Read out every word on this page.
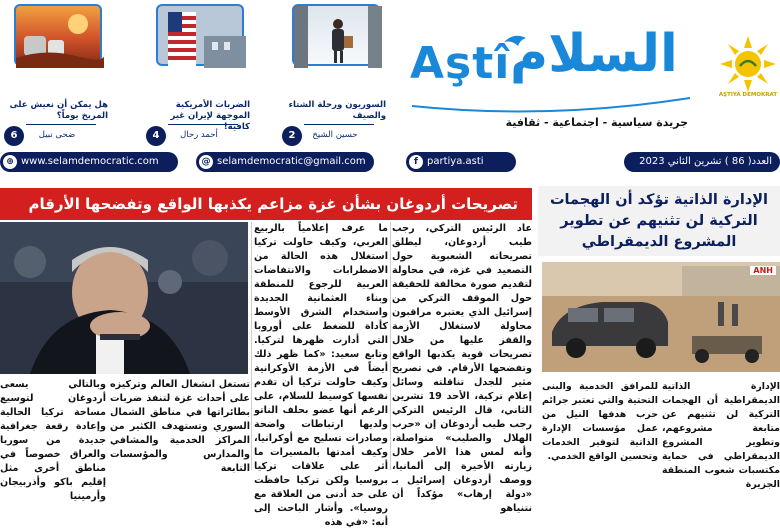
هل يمكن أن نعيش على المريخ يوماً؟
ضحى نبيل
6
الضربات الأمريكية الموجهة لإيران غير كافية!
أحمد رحال
4
السوريون ورحلة الشتاء والصيف
حسين الشيخ
2
Aştî السلام
جريدة سياسية - اجتماعية - ثقافية
AŞTIYA DEMOKRAT
⊕ www.selamdemocratic.com	@ selamdemocratic@gmail.com	f partiya.asti	العدد( 86 ) تشرين الثاني 2023
تصريحات أردوغان بشأن غزة مزاعم يكذبها الواقع وتفضحها الأرقام
عاد الرئيس التركي، رجب طيب أردوغان، ليطلق تصريحاته الشعبوية حول التصعيد في غزة، في محاولة لتقديم صورة مخالفة للحقيقة حول الموقف التركي من إسرائيل الذي يعتبره مراقبون محاولة لاستغلال الأزمة والقفز عليها من خلال تصريحات قوية يكذبها الواقع وتفضحها الأرقام. في تصريح مثير للجدل تناقلته وسائل إعلام تركية، الأحد 19 تشرين الثاني، قال الرئيس التركي رجب طيب أردوغان إن «حرب الهلال والصليب» متواصلة، وأنه لمس هذا الأمر خلال زيارته الأخيرة إلى ألمانيا، ووصف أردوغان إسرائيل بـ «دولة إرهاب» مؤكداً أن نتنياهو
ما عرف إعلامياً بالربيع العربي، وكيف حاولت تركيا استغلال هذه الحالة من الاضطرابات والانتفاضات العربية للرجوع للمنطقة وبناء العثمانية الجديدة واستخدام الشرق الأوسط كأداة للضغط على أوروبا التي أدارت ظهرها لتركيا. وتابع سعيد: «كما ظهر ذلك أيضاً في الأزمة الأوكرانية وكيف حاولت تركيا أن تقدم نفسها كوسيط للسلام، على الرغم أنها عضو بحلف الناتو ولديها ارتباطات واضحة وصادرات تسليح مع أوكرانيا، وكيف أمدتها بالمسيرات ما أثر على علاقات تركيا بروسيا ولكن تركيا حافظت على حد أدنى من العلاقة مع روسيا». وأشار الباحث إلى أنه: «في هذه
تستغل انشغال العالم وتركيزه على أحداث غزة لتنفذ ضربات بطائراتها في مناطق الشمال السوري وتستهدف الكثير من المراكز الخدمية والمشافي والمدارس والمؤسسات التابعة
وبالتالي يسعى أردوغان لتوسيع مساحة تركيا الحالية وإعادة رقعة جغرافية جديدة من سوريا والعراق خصوصاً في مناطق أخرى مثل إقليم باكو وأذربيجان وأرمينيا
الإدارة الذاتية تؤكد أن الهجمات التركية لن تثنيهم عن تطوير المشروع الديمقراطي
ANH
الإدارة الذاتية الديمقراطية أن الهجمات التركية لن تثنيهم عن متابعة مشروعهم، وتطوير المشروع الديمقراطي في حماية مكتسبات شعوب المنطقة الجزيرة
للمرافق الخدمية والبنى التحتية والتي تعتبر جرائم حرب هدفها النيل من عمل مؤسسات الإدارة الذاتية لتوفير الخدمات وتحسين الواقع الخدمي.
